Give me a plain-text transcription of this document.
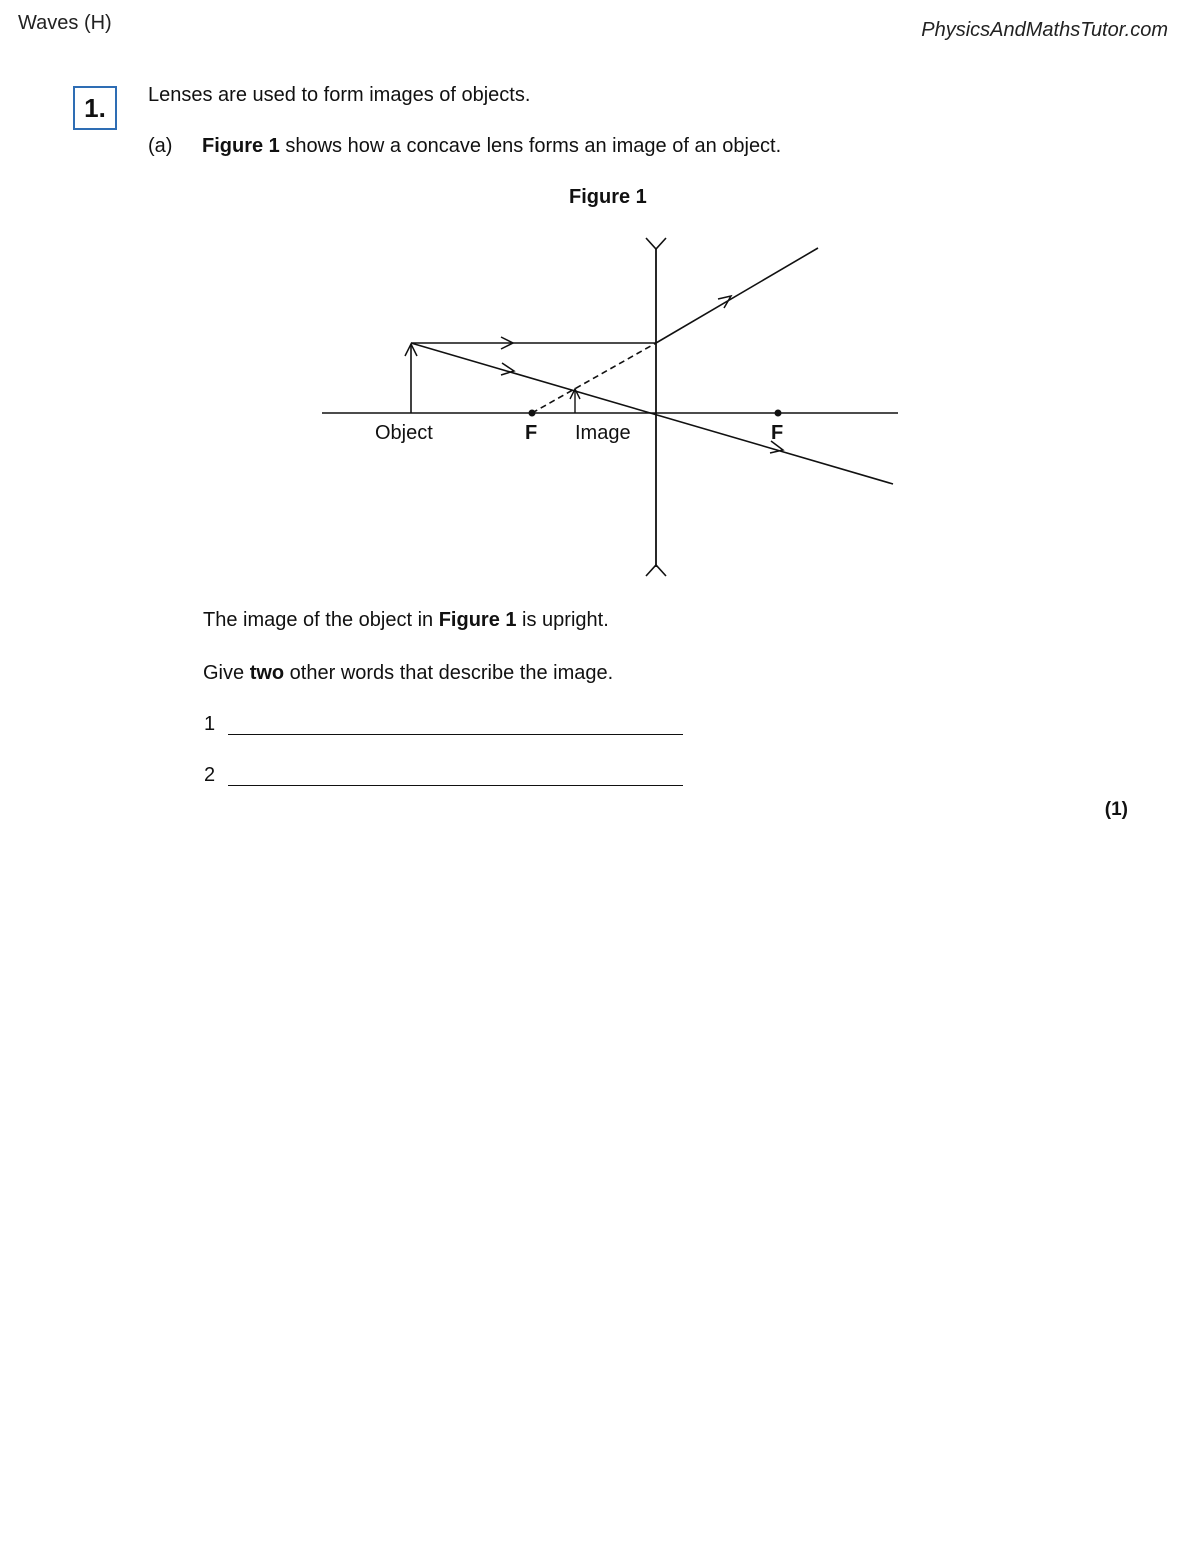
Waves (H)	PhysicsAndMathsTutor.com
1. Lenses are used to form images of objects.
(a) Figure 1 shows how a concave lens forms an image of an object.
Figure 1
Object	F Image	F
The image of the object in Figure 1 is upright.
Give two other words that describe the image.
1
2
(1)
